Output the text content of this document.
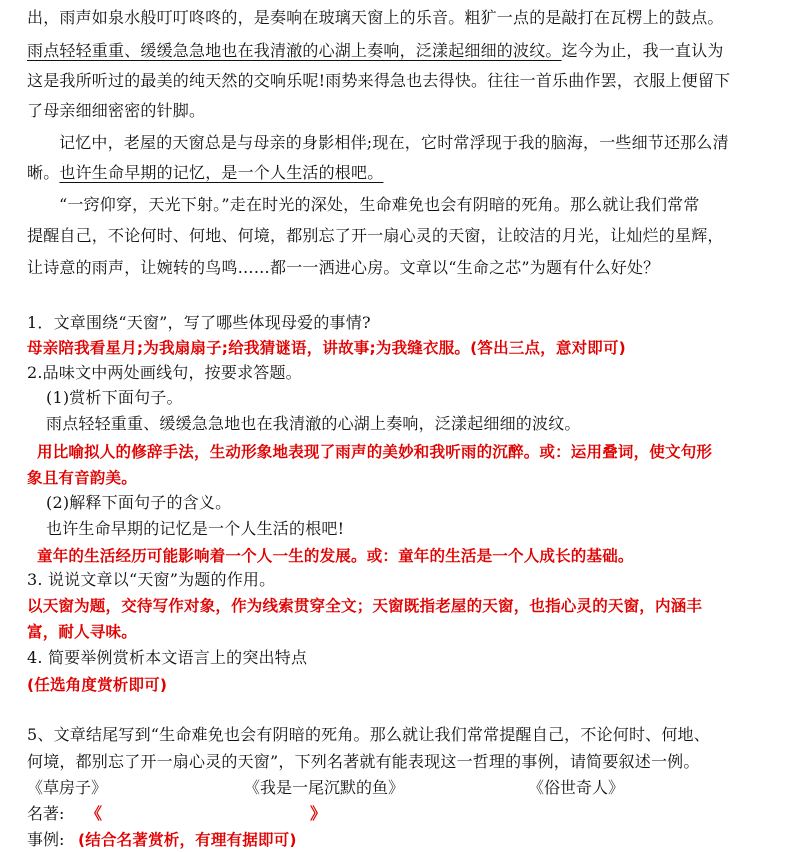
出，雨声如泉水般叮叮咚咚的，是奏响在玻璃天窗上的乐音。粗犷一点的是敲打在瓦楞上的鼓点。
雨点轻轻重重、缓缓急急地也在我清澈的心湖上奏响，泛漾起细细的波纹。迄今为止，我一直认为
这是我所听过的最美的纯天然的交响乐呢!雨势来得急也去得快。往往一首乐曲作罢，衣服上便留下
了母亲细细密密的针脚。
记忆中，老屋的天窗总是与母亲的身影相伴;现在，它时常浮现于我的脑海，一些细节还那么清
晰。也许生命早期的记忆，是一个人生活的根吧。
“一窍仰穿，天光下射。”走在时光的深处，生命难免也会有阴暗的死角。那么就让我们常常
提醒自己，不论何时、何地、何境，都别忘了开一扇心灵的天窗，让皎洁的月光，让灿烂的星辉，
让诗意的雨声，让婉转的鸟鸣……都一一洒进心房。文章以“生命之芯”为题有什么好处？
1．文章围绕“天窗”，写了哪些体现母爱的事情?
母亲陪我看星月;为我扇扇子;给我猜谜语，讲故事;为我缝衣服。(答出三点，意对即可)
2.品味文中两处画线句，按要求答题。
(1)赏析下面句子。
雨点轻轻重重、缓缓急急地也在我清澈的心湖上奏响，泛漾起细细的波纹。
用比喻拟人的修辞手法，生动形象地表现了雨声的美妙和我听雨的沉醉。或：运用叠词，使文句形
象且有音韵美。
(2)解释下面句子的含义。
也许生命早期的记忆是一个人生活的根吧!
童年的生活经历可能影响着一个人一生的发展。或：童年的生活是一个人成长的基础。
3. 说说文章以“天窗”为题的作用。
以天窗为题，交待写作对象，作为线索贯穿全文；天窗既指老屋的天窗，也指心灵的天窗，内涵丰
富，耐人寻味。
4. 简要举例赏析本文语言上的突出特点
(任选角度赏析即可)
5、文章结尾写到“生命难免也会有阴暗的死角。那么就让我们常常提醒自己，不论何时、何地、
何境，都别忘了开一扇心灵的天窗”，下列名著就有能表现这一哲理的事例，请简要叙述一例。
《草房子》	《我是一尾沉默的鱼》	《俗世奇人》
名著: 《	》
事例: (结合名著赏析，有理有据即可)
